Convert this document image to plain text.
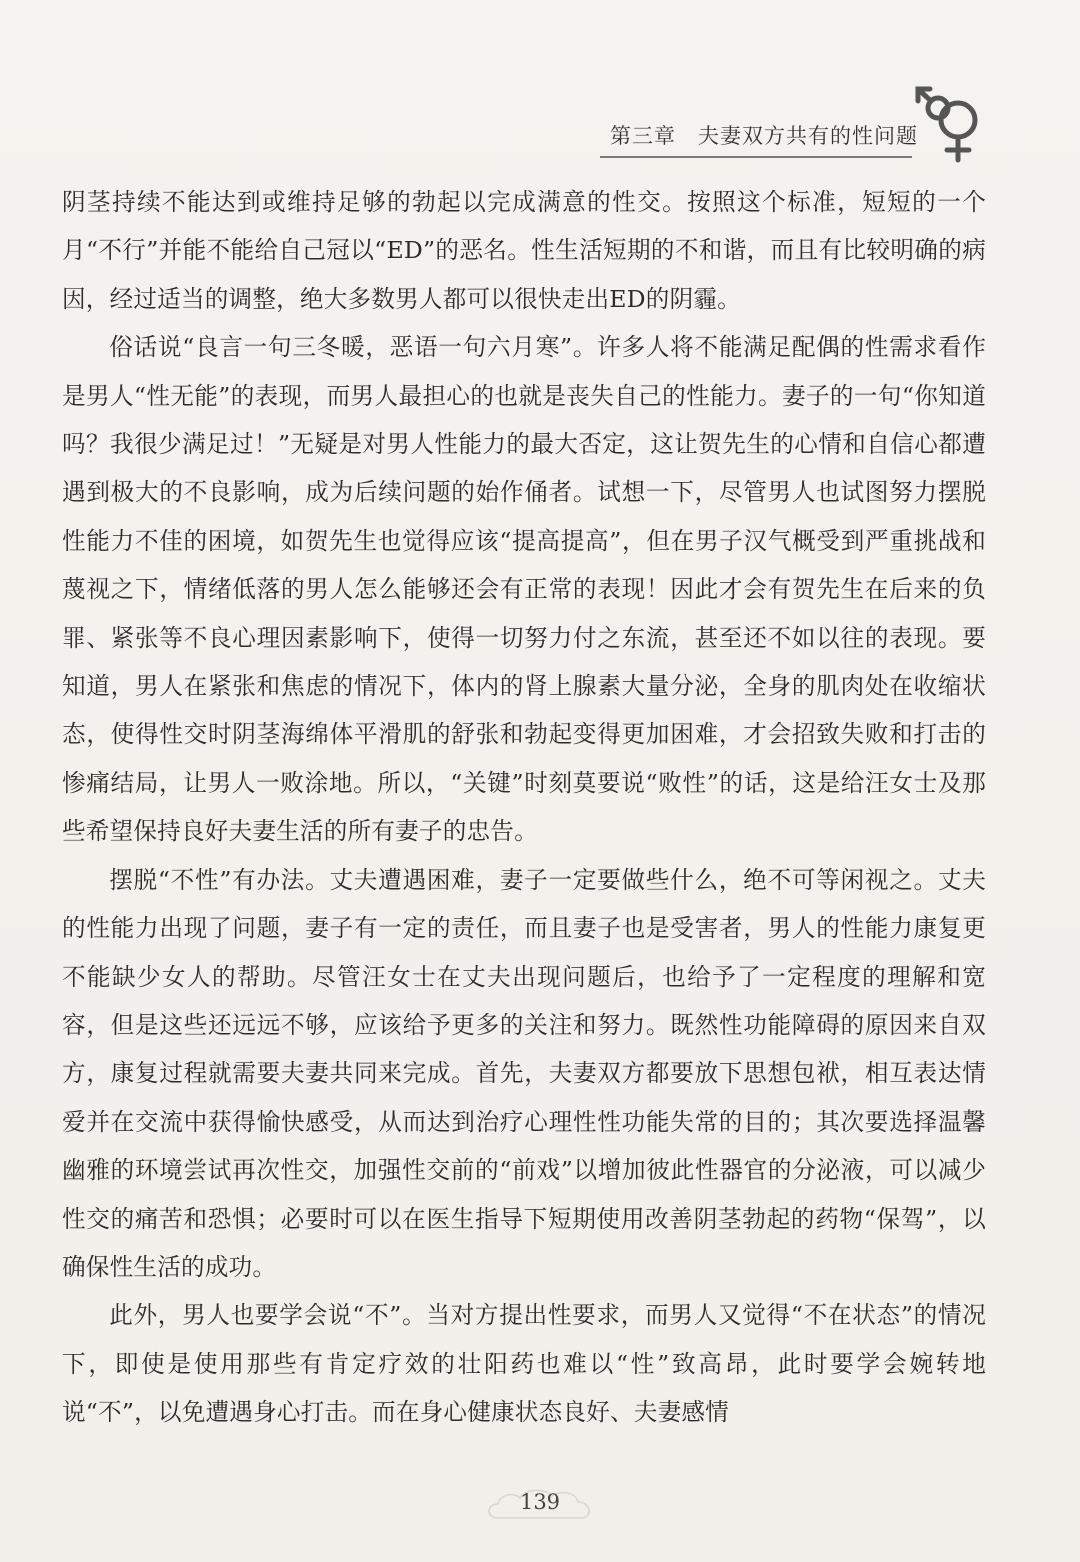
第三章 夫妻双方共有的性问题

阴茎持续不能达到或维持足够的勃起以完成满意的性交。按照这个标准，短短的一个月“不行”并能不能给自己冠以“ED”的恶名。性生活短期的不和谐，而且有比较明确的病因，经过适当的调整，绝大多数男人都可以很快走出ED的阴霾。

俗话说“良言一句三冬暖，恶语一句六月寒”。许多人将不能满足配偶的性需求看作是男人“性无能”的表现，而男人最担心的也就是丧失自己的性能力。妻子的一句“你知道吗？我很少满足过！”无疑是对男人性能力的最大否定，这让贺先生的心情和自信心都遭遇到极大的不良影响，成为后续问题的始作俑者。试想一下，尽管男人也试图努力摆脱性能力不佳的困境，如贺先生也觉得应该“提高提高”，但在男子汉气概受到严重挑战和蔑视之下，情绪低落的男人怎么能够还会有正常的表现！因此才会有贺先生在后来的负罪、紧张等不良心理因素影响下，使得一切努力付之东流，甚至还不如以往的表现。要知道，男人在紧张和焦虑的情况下，体内的肾上腺素大量分泌，全身的肌肉处在收缩状态，使得性交时阴茎海绵体平滑肌的舒张和勃起变得更加困难，才会招致失败和打击的惨痛结局，让男人一败涂地。所以，“关键”时刻莫要说“败性”的话，这是给汪女士及那些希望保持良好夫妻生活的所有妻子的忠告。

摆脱“不性”有办法。丈夫遭遇困难，妻子一定要做些什么，绝不可等闲视之。丈夫的性能力出现了问题，妻子有一定的责任，而且妻子也是受害者，男人的性能力康复更不能缺少女人的帮助。尽管汪女士在丈夫出现问题后，也给予了一定程度的理解和宽容，但是这些还远远不够，应该给予更多的关注和努力。既然性功能障碍的原因来自双方，康复过程就需要夫妻共同来完成。首先，夫妻双方都要放下思想包袱，相互表达情爱并在交流中获得愉快感受，从而达到治疗心理性性功能失常的目的；其次要选择温馨幽雅的环境尝试再次性交，加强性交前的“前戏”以增加彼此性器官的分泌液，可以减少性交的痛苦和恐惧；必要时可以在医生指导下短期使用改善阴茎勃起的药物“保驾”，以确保性生活的成功。

此外，男人也要学会说“不”。当对方提出性要求，而男人又觉得“不在状态”的情况下，即使是使用那些有肯定疗效的壮阳药也难以“性”致高昂，此时要学会婉转地说“不”，以免遭遇身心打击。而在身心健康状态良好、夫妻感情

139
